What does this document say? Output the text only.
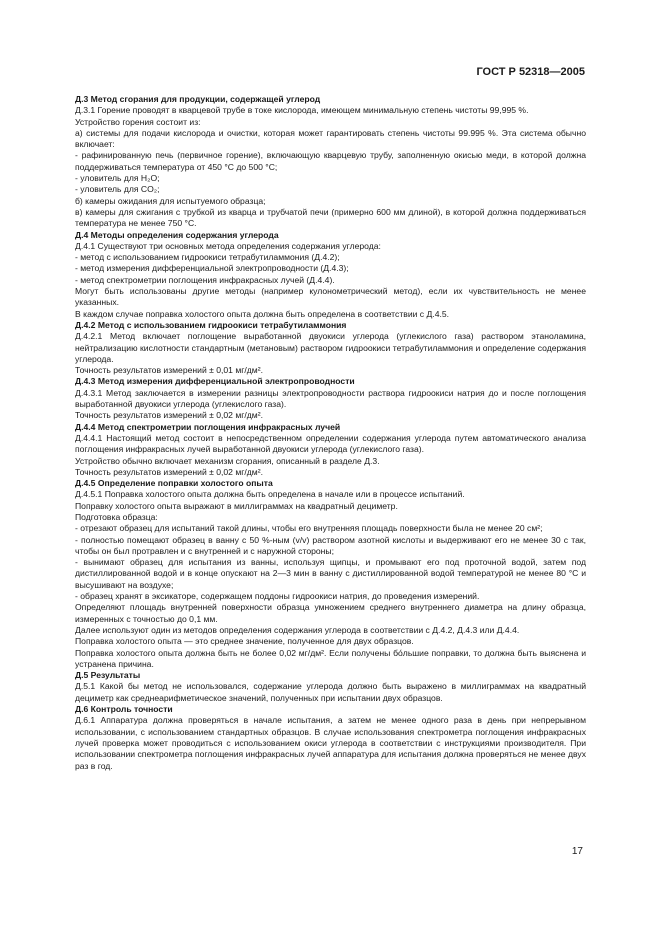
ГОСТ Р 52318—2005

Д.3 Метод сгорания для продукции, содержащей углерод

Д.3.1 Горение проводят в кварцевой трубе в токе кислорода, имеющем минимальную степень чистоты 99,995 %.

Устройство горения состоит из:

а) системы для подачи кислорода и очистки, которая может гарантировать степень чистоты 99.995 %. Эта система обычно включает:

- рафинированную печь (первичное горение), включающую кварцевую трубу, заполненную окисью меди, в которой должна поддерживаться температура от 450 °С до 500 °С;

- уловитель для H₂O;

- уловитель для CO₂;

б) камеры ожидания для испытуемого образца;

в) камеры для сжигания с трубкой из кварца и трубчатой печи (примерно 600 мм длиной), в которой должна поддерживаться температура не менее 750 °С.

Д.4 Методы определения содержания углерода

Д.4.1 Существуют три основных метода определения содержания углерода:

- метод с использованием гидроокиси тетрабутиламмония (Д.4.2);

- метод измерения дифференциальной электропроводности (Д.4.3);

- метод спектрометрии поглощения инфракрасных лучей (Д.4.4).

Могут быть использованы другие методы (например кулонометрический метод), если их чувствительность не менее указанных.

В каждом случае поправка холостого опыта должна быть определена в соответствии с Д.4.5.

Д.4.2 Метод с использованием гидроокиси тетрабутиламмония

Д.4.2.1 Метод включает поглощение выработанной двуокиси углерода (углекислого газа) раствором этаноламина, нейтрализацию кислотности стандартным (метановым) раствором гидроокиси тетрабутиламмония и определение содержания углерода.

Точность результатов измерений ± 0,01 мг/дм².

Д.4.3 Метод измерения дифференциальной электропроводности

Д.4.3.1 Метод заключается в измерении разницы электропроводности раствора гидроокиси натрия до и после поглощения выработанной двуокиси углерода (углекислого газа).

Точность результатов измерений ± 0,02 мг/дм².

Д.4.4 Метод спектрометрии поглощения инфракрасных лучей

Д.4.4.1 Настоящий метод состоит в непосредственном определении содержания углерода путем автоматического анализа поглощения инфракрасных лучей выработанной двуокиси углерода (углекислого газа).

Устройство обычно включает механизм сгорания, описанный в разделе Д.3.

Точность результатов измерений ± 0,02 мг/дм².

Д.4.5 Определение поправки холостого опыта

Д.4.5.1 Поправка холостого опыта должна быть определена в начале или в процессе испытаний.

Поправку холостого опыта выражают в миллиграммах на квадратный дециметр.

Подготовка образца:

- отрезают образец для испытаний такой длины, чтобы его внутренняя площадь поверхности была не менее 20 см²;

- полностью помещают образец в ванну с 50 %-ным (v/v) раствором азотной кислоты и выдерживают его не менее 30 с так, чтобы он был протравлен и с внутренней и с наружной стороны;

- вынимают образец для испытания из ванны, используя щипцы, и промывают его под проточной водой, затем под дистиллированной водой и в конце опускают на 2—3 мин в ванну с дистиллированной водой температурой не менее 80 °С и высушивают на воздухе;

- образец хранят в эксикаторе, содержащем поддоны гидроокиси натрия, до проведения измерений.

Определяют площадь внутренней поверхности образца умножением среднего внутреннего диаметра на длину образца, измеренных с точностью до 0,1 мм.

Далее используют один из методов определения содержания углерода в соответствии с Д.4.2, Д.4.3 или Д.4.4.

Поправка холостого опыта — это среднее значение, полученное для двух образцов.

Поправка холостого опыта должна быть не более 0,02 мг/дм². Если получены бо́льшие поправки, то должна быть выяснена и устранена причина.

Д.5 Результаты

Д.5.1 Какой бы метод не использовался, содержание углерода должно быть выражено в миллиграммах на квадратный дециметр как среднеарифметическое значений, полученных при испытании двух образцов.

Д.6 Контроль точности

Д.6.1 Аппаратура должна проверяться в начале испытания, а затем не менее одного раза в день при непрерывном использовании, с использованием стандартных образцов. В случае использования спектрометра поглощения инфракрасных лучей проверка может проводиться с использованием окиси углерода в соответствии с инструкциями производителя. При использовании спектрометра поглощения инфракрасных лучей аппаратура для испытания должна проверяться не менее двух раз в год.

17
